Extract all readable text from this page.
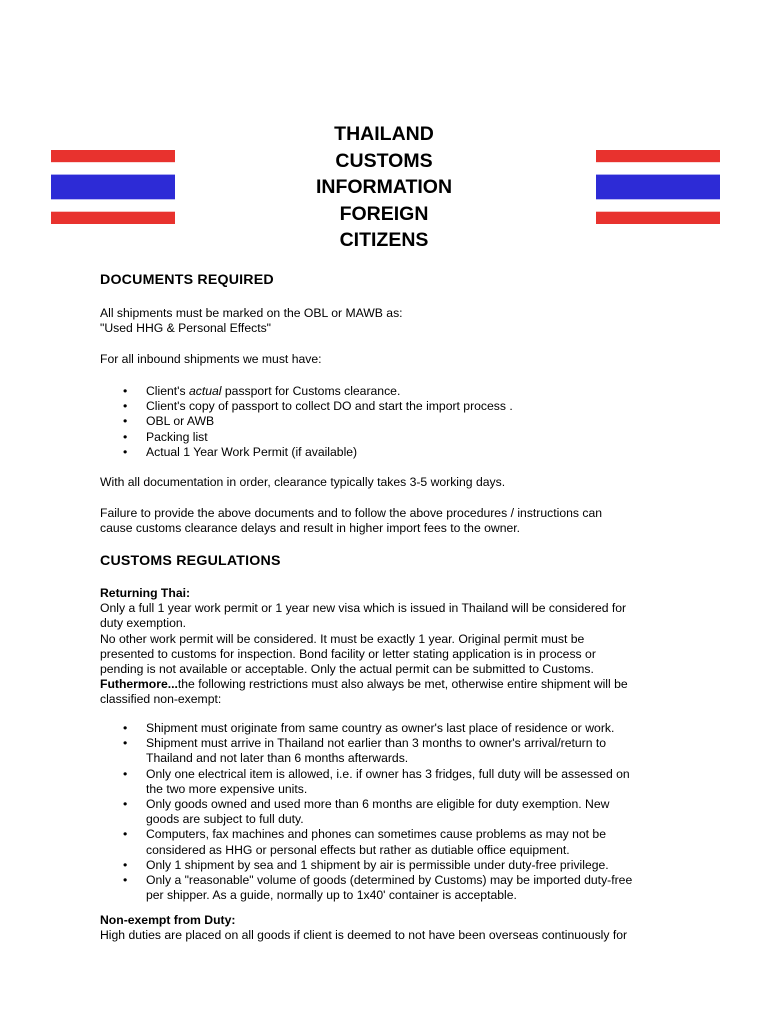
THAILAND
CUSTOMS
INFORMATION
FOREIGN
CITIZENS
DOCUMENTS REQUIRED
All shipments must be marked on the OBL or MAWB as:
"Used HHG & Personal Effects"
For all inbound shipments we must have:
• Client's actual passport for Customs clearance.
• Client's copy of passport to collect DO and start the import process .
• OBL or AWB
• Packing list
• Actual 1 Year Work Permit (if available)
With all documentation in order, clearance typically takes 3-5 working days.
Failure to provide the above documents and to follow the above procedures / instructions can
cause customs clearance delays and result in higher import fees to the owner.
CUSTOMS REGULATIONS
Returning Thai:
Only a full 1 year work permit or 1 year new visa which is issued in Thailand will be considered for
duty exemption.
No other work permit will be considered. It must be exactly 1 year. Original permit must be
presented to customs for inspection. Bond facility or letter stating application is in process or
pending is not available or acceptable. Only the actual permit can be submitted to Customs.
Futhermore...the following restrictions must also always be met, otherwise entire shipment will be
classified non-exempt:
• Shipment must originate from same country as owner's last place of residence or work.
• Shipment must arrive in Thailand not earlier than 3 months to owner's arrival/return to
Thailand and not later than 6 months afterwards.
• Only one electrical item is allowed, i.e. if owner has 3 fridges, full duty will be assessed on
the two more expensive units.
• Only goods owned and used more than 6 months are eligible for duty exemption. New
goods are subject to full duty.
• Computers, fax machines and phones can sometimes cause problems as may not be
considered as HHG or personal effects but rather as dutiable office equipment.
• Only 1 shipment by sea and 1 shipment by air is permissible under duty-free privilege.
• Only a "reasonable" volume of goods (determined by Customs) may be imported duty-free
per shipper. As a guide, normally up to 1x40' container is acceptable.
Non-exempt from Duty:
High duties are placed on all goods if client is deemed to not have been overseas continuously for
